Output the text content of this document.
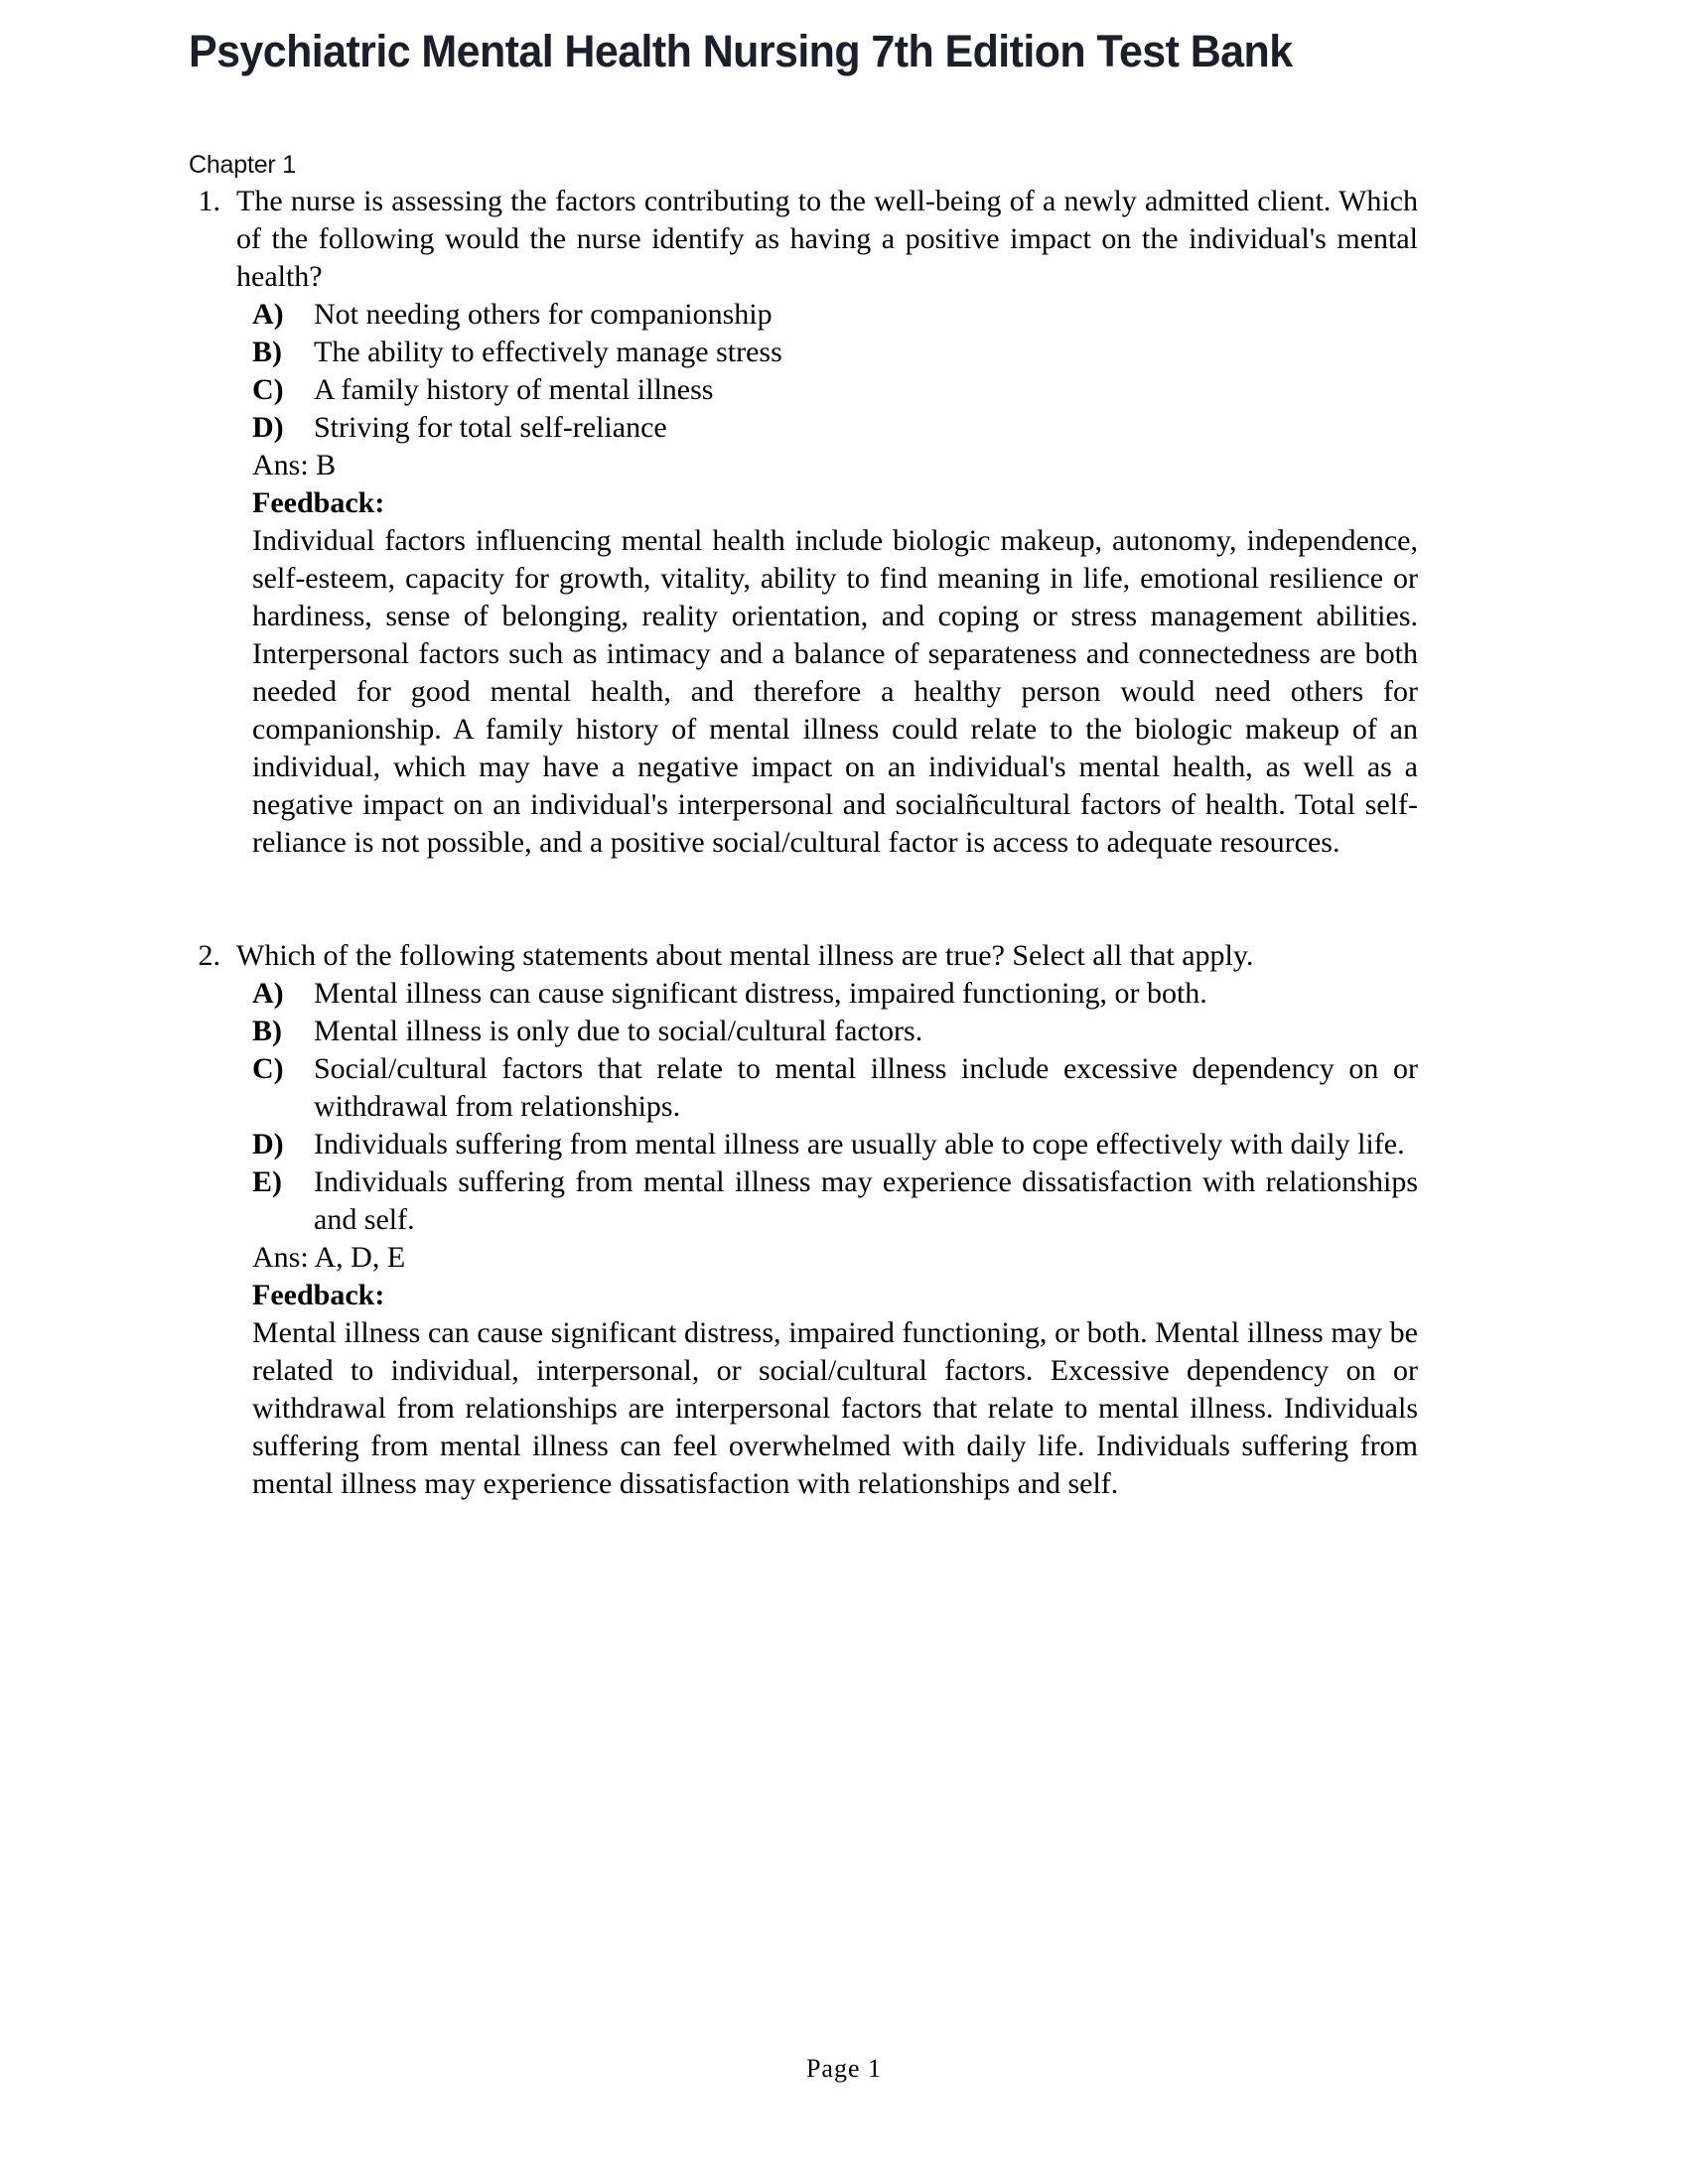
Psychiatric Mental Health Nursing 7th Edition Test Bank
Chapter 1
1. The nurse is assessing the factors contributing to the well-being of a newly admitted client. Which of the following would the nurse identify as having a positive impact on the individual's mental health?
A)	Not needing others for companionship
B)	The ability to effectively manage stress
C)	A family history of mental illness
D)	Striving for total self-reliance
Ans: B
Feedback:
Individual factors influencing mental health include biologic makeup, autonomy, independence, self-esteem, capacity for growth, vitality, ability to find meaning in life, emotional resilience or hardiness, sense of belonging, reality orientation, and coping or stress management abilities. Interpersonal factors such as intimacy and a balance of separateness and connectedness are both needed for good mental health, and therefore a healthy person would need others for companionship. A family history of mental illness could relate to the biologic makeup of an individual, which may have a negative impact on an individual's mental health, as well as a negative impact on an individual's interpersonal and socialñcultural factors of health. Total self-reliance is not possible, and a positive social/cultural factor is access to adequate resources.
2. Which of the following statements about mental illness are true? Select all that apply.
A)	Mental illness can cause significant distress, impaired functioning, or both.
B)	Mental illness is only due to social/cultural factors.
C)	Social/cultural factors that relate to mental illness include excessive dependency on or withdrawal from relationships.
D)	Individuals suffering from mental illness are usually able to cope effectively with daily life.
E)	Individuals suffering from mental illness may experience dissatisfaction with relationships and self.
Ans: A, D, E
Feedback:
Mental illness can cause significant distress, impaired functioning, or both. Mental illness may be related to individual, interpersonal, or social/cultural factors. Excessive dependency on or withdrawal from relationships are interpersonal factors that relate to mental illness. Individuals suffering from mental illness can feel overwhelmed with daily life. Individuals suffering from mental illness may experience dissatisfaction with relationships and self.
Page 1
